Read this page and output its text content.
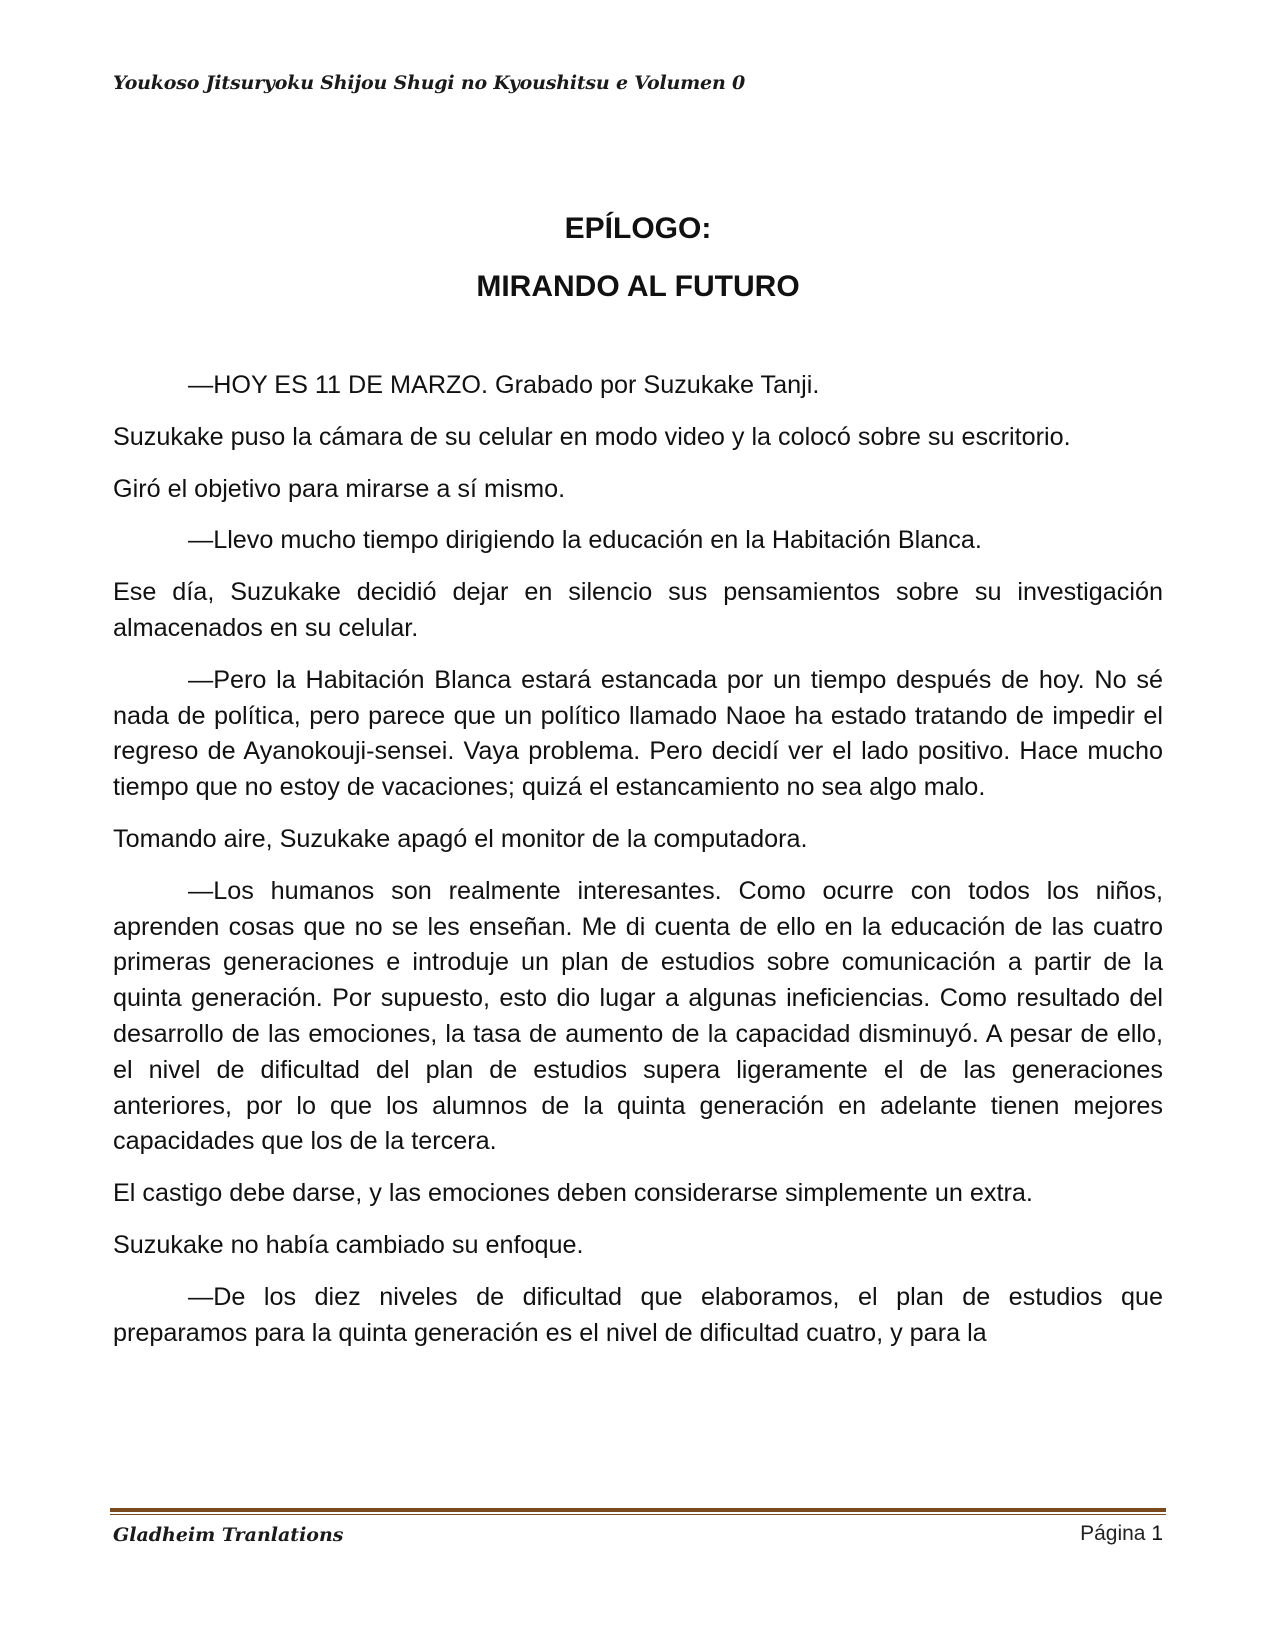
Youkoso Jitsuryoku Shijou Shugi no Kyoushitsu e Volumen 0
EPÍLOGO:
MIRANDO AL FUTURO

—HOY ES 11 DE MARZO. Grabado por Suzukake Tanji.

Suzukake puso la cámara de su celular en modo video y la colocó sobre su escritorio.

Giró el objetivo para mirarse a sí mismo.

—Llevo mucho tiempo dirigiendo la educación en la Habitación Blanca.

Ese día, Suzukake decidió dejar en silencio sus pensamientos sobre su investigación almacenados en su celular.

—Pero la Habitación Blanca estará estancada por un tiempo después de hoy. No sé nada de política, pero parece que un político llamado Naoe ha estado tratando de impedir el regreso de Ayanokouji-sensei. Vaya problema. Pero decidí ver el lado positivo. Hace mucho tiempo que no estoy de vacaciones; quizá el estancamiento no sea algo malo.

Tomando aire, Suzukake apagó el monitor de la computadora.

—Los humanos son realmente interesantes. Como ocurre con todos los niños, aprenden cosas que no se les enseñan. Me di cuenta de ello en la educación de las cuatro primeras generaciones e introduje un plan de estudios sobre comunicación a partir de la quinta generación. Por supuesto, esto dio lugar a algunas ineficiencias. Como resultado del desarrollo de las emociones, la tasa de aumento de la capacidad disminuyó. A pesar de ello, el nivel de dificultad del plan de estudios supera ligeramente el de las generaciones anteriores, por lo que los alumnos de la quinta generación en adelante tienen mejores capacidades que los de la tercera.

El castigo debe darse, y las emociones deben considerarse simplemente un extra.

Suzukake no había cambiado su enfoque.

—De los diez niveles de dificultad que elaboramos, el plan de estudios que preparamos para la quinta generación es el nivel de dificultad cuatro, y para la

Gladheim Tranlations	Página 1
